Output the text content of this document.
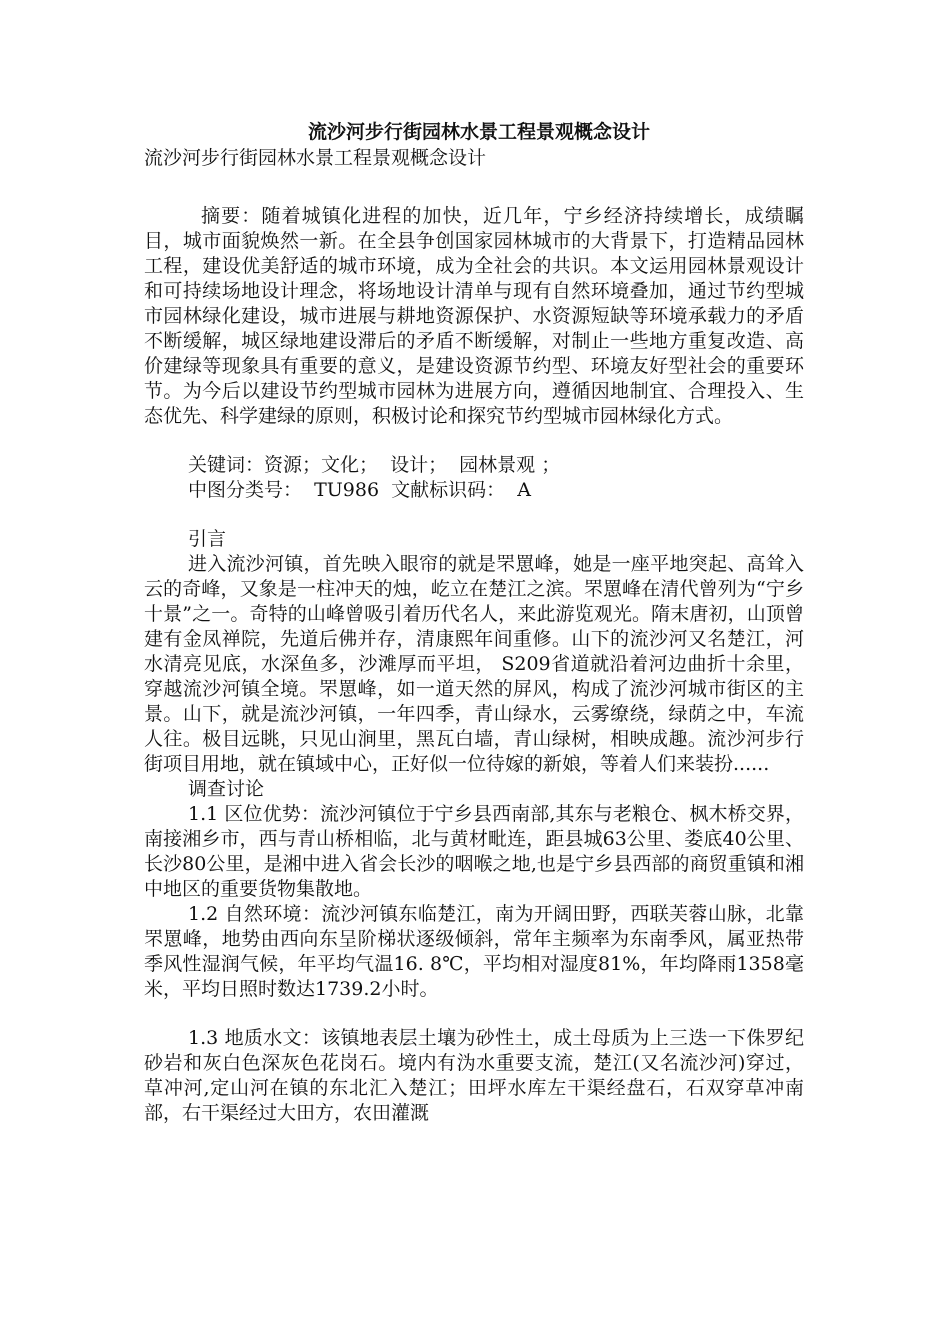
流沙河步行街园林水景工程景观概念设计
流沙河步行街园林水景工程景观概念设计

摘要：随着城镇化进程的加快，近几年，宁乡经济持续增长，成绩瞩目，城市面貌焕然一新。在全县争创国家园林城市的大背景下，打造精品园林工程，建设优美舒适的城市环境，成为全社会的共识。本文运用园林景观设计和可持续场地设计理念，将场地设计清单与现有自然环境叠加，通过节约型城市园林绿化建设，城市进展与耕地资源保护、水资源短缺等环境承载力的矛盾不断缓解，城区绿地建设滞后的矛盾不断缓解，对制止一些地方重复改造、高价建绿等现象具有重要的意义，是建设资源节约型、环境友好型社会的重要环节。为今后以建设节约型城市园林为进展方向，遵循因地制宜、合理投入、生态优先、科学建绿的原则，积极讨论和探究节约型城市园林绿化方式。

关键词：资源；文化；  设计；  园林景观 ；
中图分类号：  TU986  文献标识码：  A
引言

进入流沙河镇，首先映入眼帘的就是罘罳峰，她是一座平地突起、高耸入云的奇峰，又象是一柱冲天的烛，屹立在楚江之滨。罘罳峰在清代曾列为“宁乡十景”之一。奇特的山峰曾吸引着历代名人，来此游览观光。隋末唐初，山顶曾建有金凤禅院，先道后佛并存，清康熙年间重修。山下的流沙河又名楚江，河水清亮见底，水深鱼多，沙滩厚而平坦， S209省道就沿着河边曲折十余里，穿越流沙河镇全境。罘罳峰，如一道天然的屏风，构成了流沙河城市街区的主景。山下，就是流沙河镇，一年四季，青山绿水，云雾缭绕，绿荫之中，车流人往。极目远眺，只见山涧里，黑瓦白墙，青山绿树，相映成趣。流沙河步行街项目用地，就在镇域中心，正好似一位待嫁的新娘，等着人们来装扮......

调查讨论

1.1 区位优势：流沙河镇位于宁乡县西南部,其东与老粮仓、枫木桥交界，南接湘乡市，西与青山桥相临，北与黄材毗连，距县城63公里、娄底40公里、长沙80公里，是湘中进入省会长沙的咽喉之地,也是宁乡县西部的商贸重镇和湘中地区的重要货物集散地。

1.2 自然环境：流沙河镇东临楚江，南为开阔田野，西联芙蓉山脉，北靠罘罳峰，地势由西向东呈阶梯状逐级倾斜，常年主频率为东南季风，属亚热带季风性湿润气候，年平均气温16. 8℃，平均相对湿度81%，年均降雨1358毫米，平均日照时数达1739.2小时。

1.3 地质水文：该镇地表层土壤为砂性土，成土母质为上三迭一下侏罗纪砂岩和灰白色深灰色花岗石。境内有沩水重要支流，楚江(又名流沙河)穿过，草冲河,定山河在镇的东北汇入楚江；田坪水库左干渠经盘石，石双穿草冲南部，右干渠经过大田方，农田灌溉
